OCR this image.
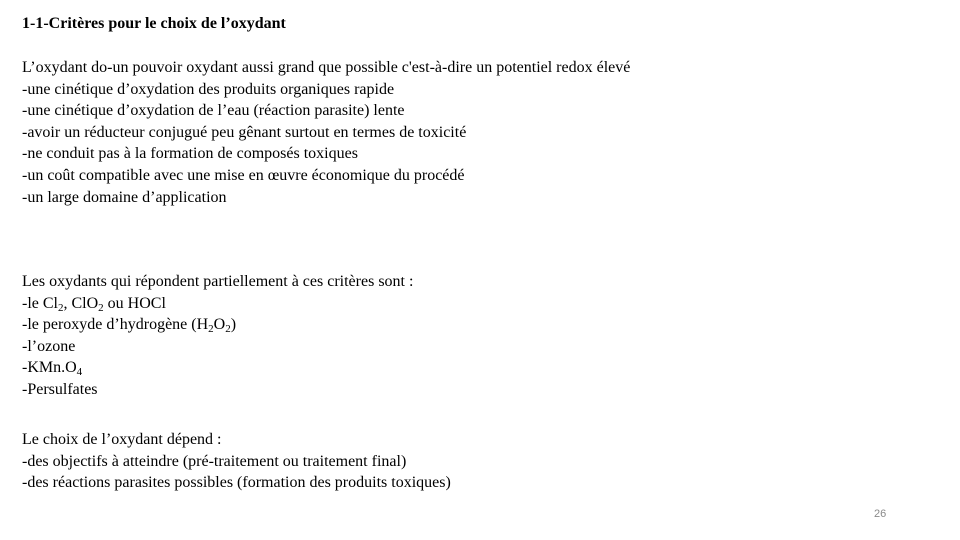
1-1-Critères pour le choix de l’oxydant
L’oxydant do-un pouvoir oxydant aussi grand que possible c'est-à-dire un potentiel redox élevé
-une cinétique d’oxydation des produits organiques rapide
-une cinétique d’oxydation de l’eau (réaction parasite) lente
-avoir un réducteur conjugué peu gênant surtout en termes de toxicité
-ne conduit pas à la formation de composés toxiques
-un coût compatible avec une mise en œuvre économique du procédé
-un large domaine d’application
Les oxydants qui répondent partiellement à ces critères sont :
-le $Cl_2$, ClO$_2$ ou HOCl
-le peroxyde d’hydrogène $(H_2O_2)$
-l’ozone
$-KMn.O_4$
-Persulfates
Le choix de l’oxydant dépend :
-des objectifs à atteindre (pré-traitement ou traitement final)
-des réactions parasites possibles (formation des produits toxiques)
26
